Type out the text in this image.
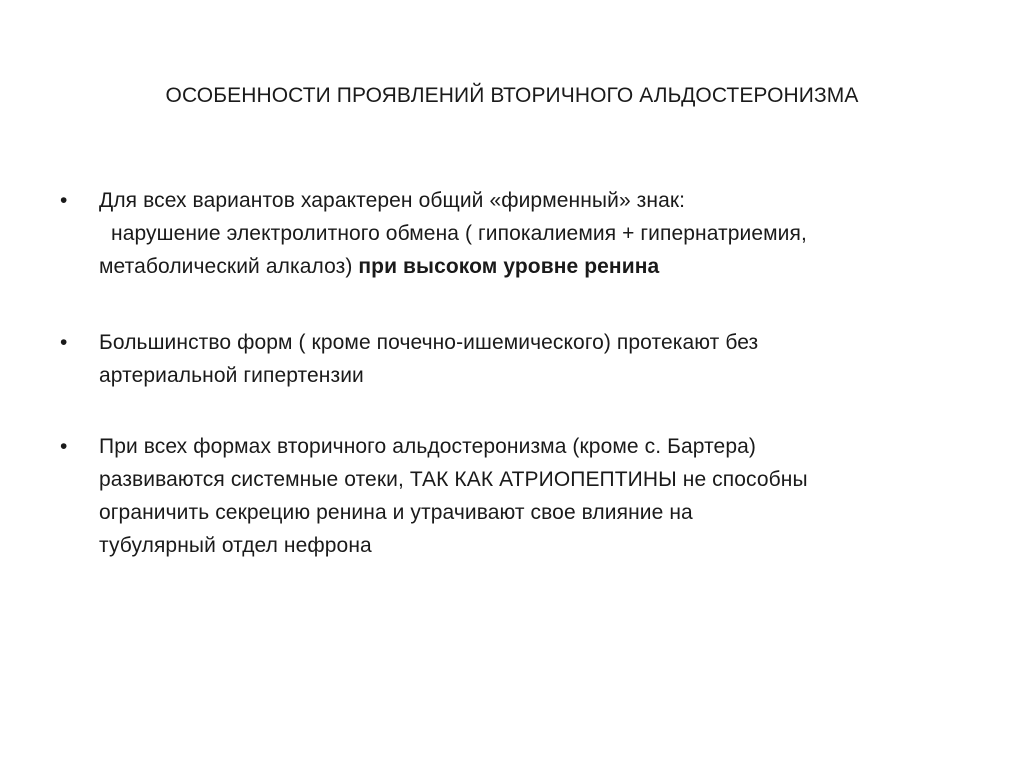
ОСОБЕННОСТИ ПРОЯВЛЕНИЙ ВТОРИЧНОГО АЛЬДОСТЕРОНИЗМА
• Для всех вариантов характерен общий «фирменный» знак:
нарушение электролитного обмена ( гипокалиемия + гипернатриемия,
метаболический алкалоз) при высоком уровне ренина
• Большинство форм ( кроме почечно-ишемического) протекают без
артериальной гипертензии
• При всех формах вторичного альдостеронизма (кроме с. Бартера)
развиваются системные отеки, ТАК КАК АТРИОПЕПТИНЫ не способны
ограничить секрецию ренина и утрачивают свое влияние на
тубулярный отдел нефрона
